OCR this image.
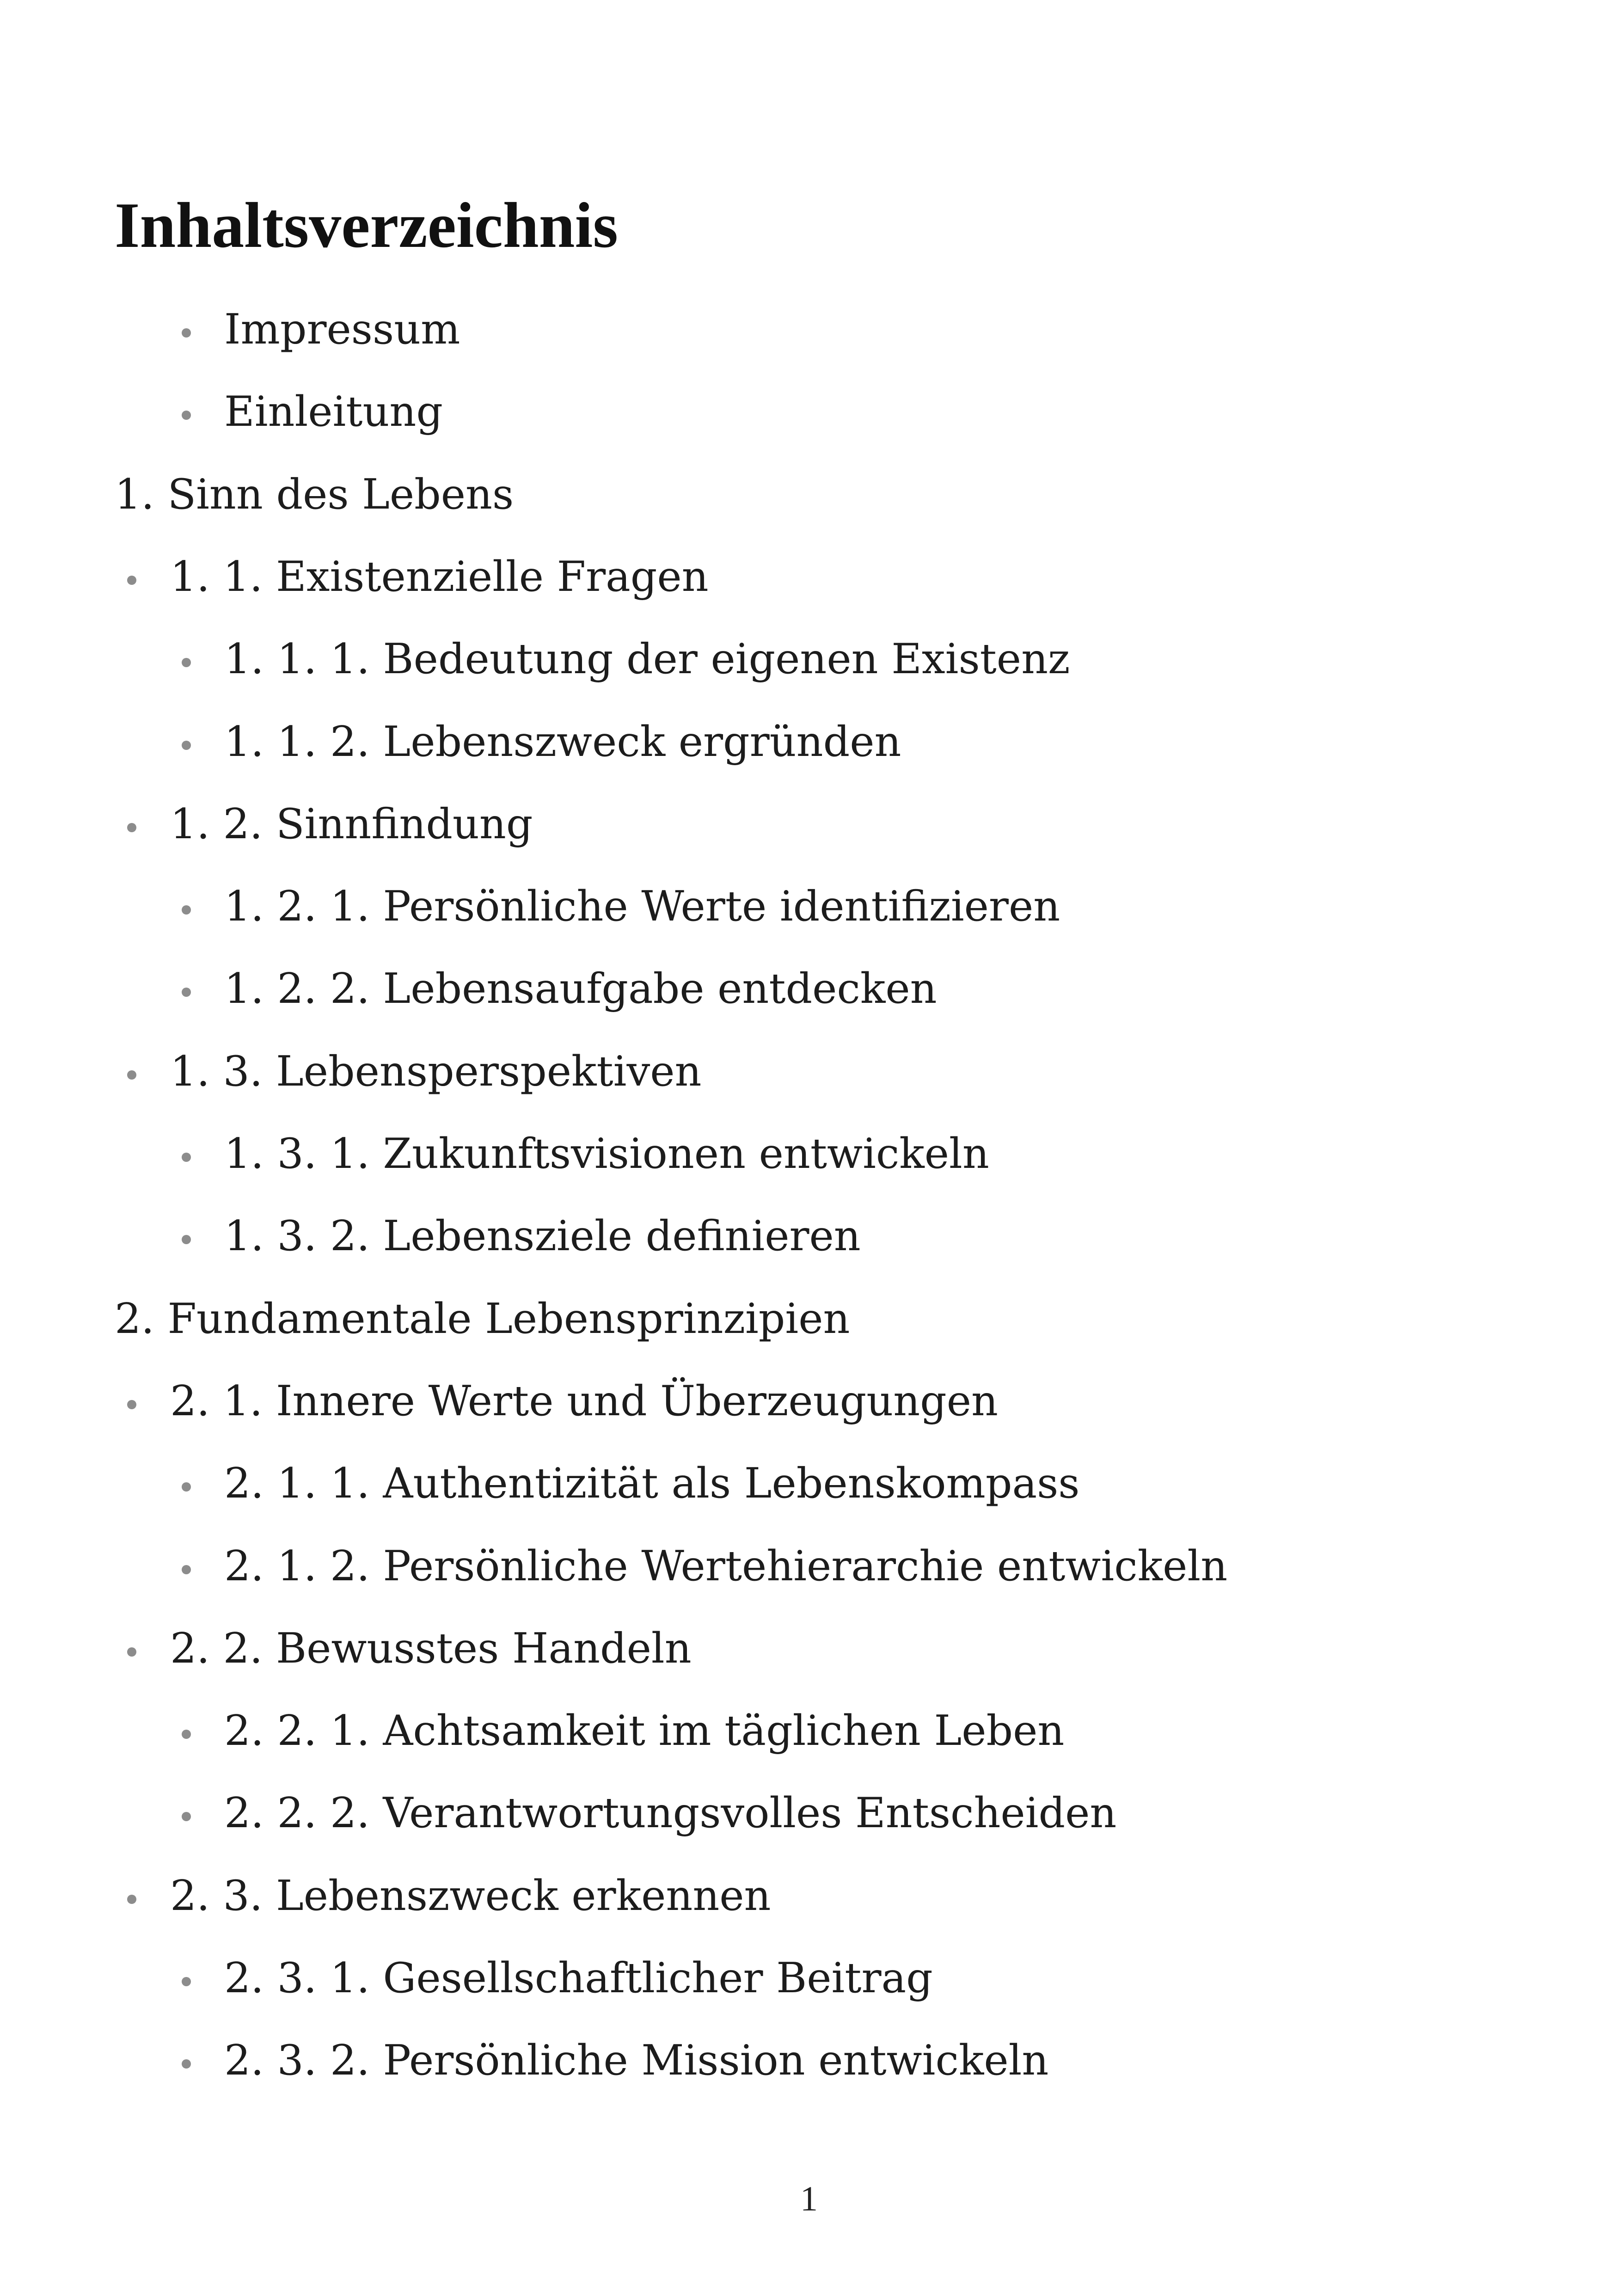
Inhaltsverzeichnis
Impressum
Einleitung
1. Sinn des Lebens
1. 1. Existenzielle Fragen
1. 1. 1. Bedeutung der eigenen Existenz
1. 1. 2. Lebenszweck ergründen
1. 2. Sinnfindung
1. 2. 1. Persönliche Werte identifizieren
1. 2. 2. Lebensaufgabe entdecken
1. 3. Lebensperspektiven
1. 3. 1. Zukunftsvisionen entwickeln
1. 3. 2. Lebensziele definieren
2. Fundamentale Lebensprinzipien
2. 1. Innere Werte und Überzeugungen
2. 1. 1. Authentizität als Lebenskompass
2. 1. 2. Persönliche Wertehierarchie entwickeln
2. 2. Bewusstes Handeln
2. 2. 1. Achtsamkeit im täglichen Leben
2. 2. 2. Verantwortungsvolles Entscheiden
2. 3. Lebenszweck erkennen
2. 3. 1. Gesellschaftlicher Beitrag
2. 3. 2. Persönliche Mission entwickeln
1
